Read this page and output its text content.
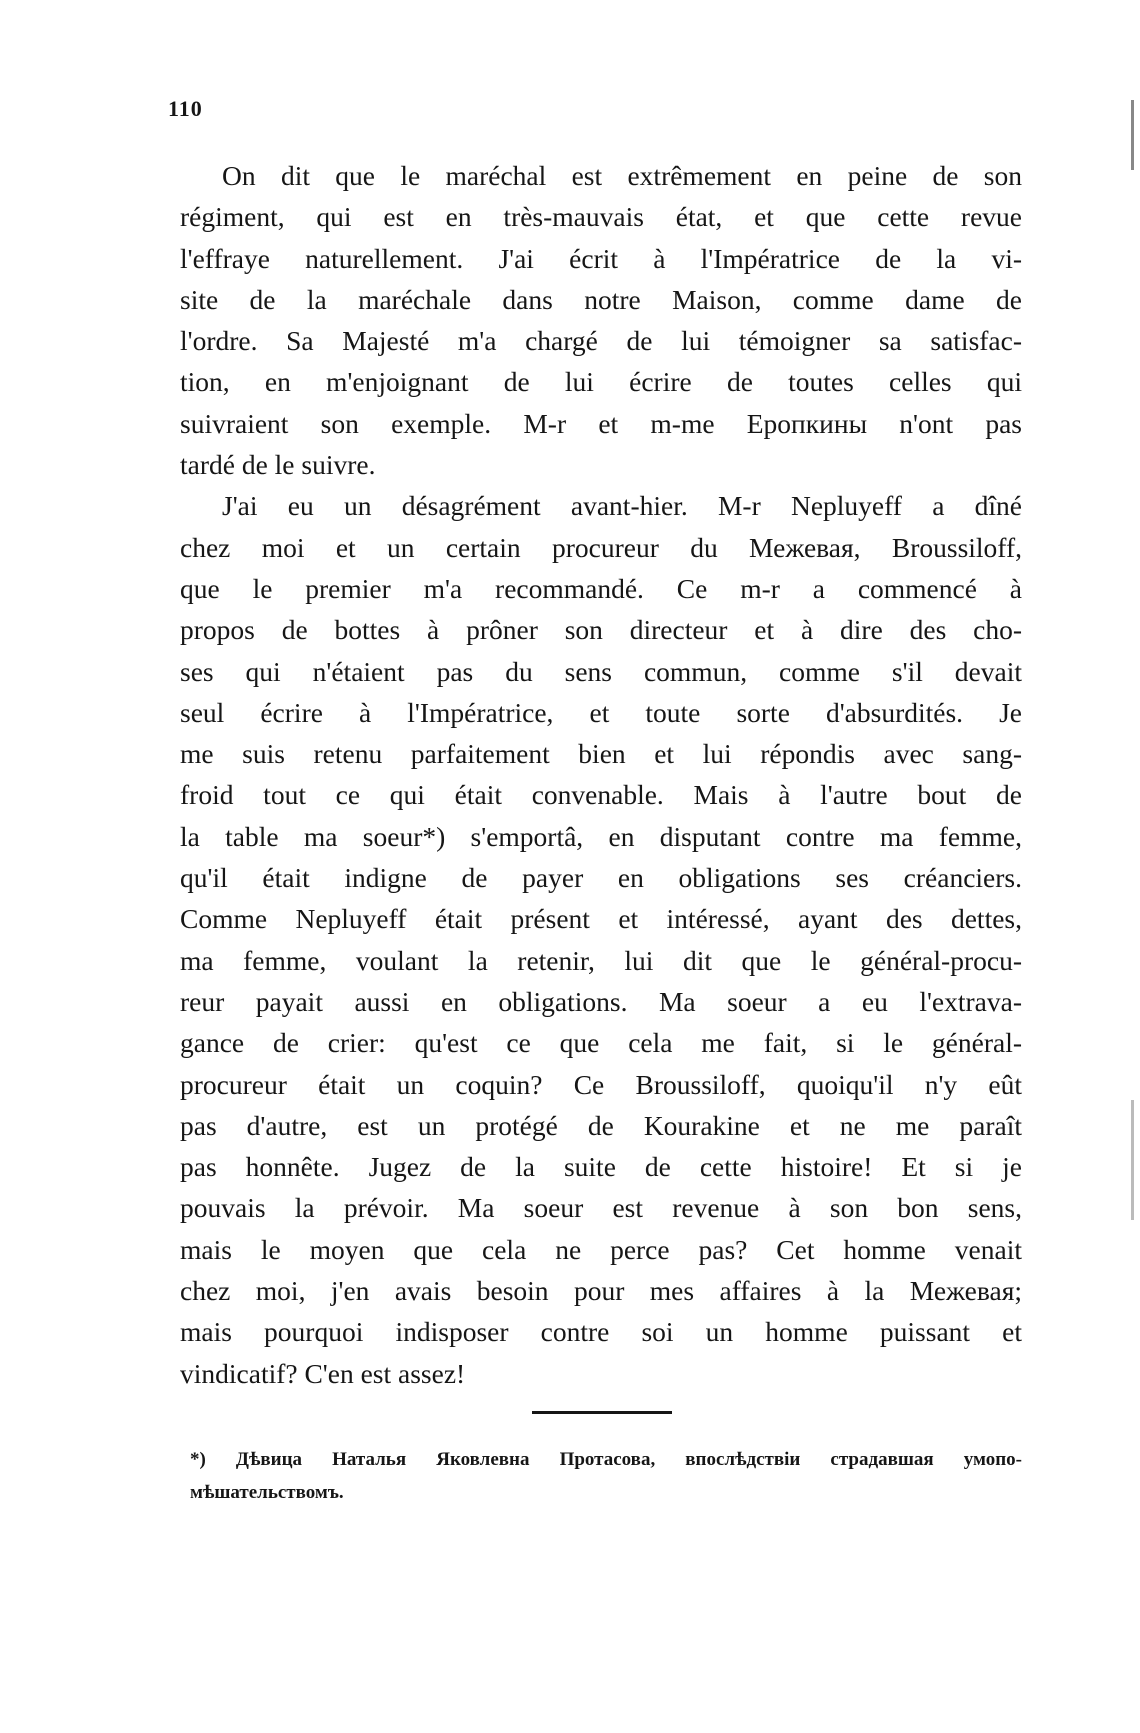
110
On dit que le maréchal est extrêmement en peine de son
régiment, qui est en très-mauvais état, et que cette revue
l'effraye naturellement. J'ai écrit à l'Impératrice de la vi-
site de la maréchale dans notre Maison, comme dame de
l'ordre. Sa Majesté m'a chargé de lui témoigner sa satisfac-
tion, en m'enjoignant de lui écrire de toutes celles qui
suivraient son exemple. M-r et m-me Еропкины n'ont pas
tardé de le suivre.
J'ai eu un désagrément avant-hier. M-r Nepluyeff a dîné
chez moi et un certain procureur du Межевая, Broussiloff,
que le premier m'a recommandé. Ce m-r a commencé à
propos de bottes à prôner son directeur et à dire des cho-
ses qui n'étaient pas du sens commun, comme s'il devait
seul écrire à l'Impératrice, et toute sorte d'absurdités. Je
me suis retenu parfaitement bien et lui répondis avec sang-
froid tout ce qui était convenable. Mais à l'autre bout de
la table ma soeur*) s'emportâ, en disputant contre ma femme,
qu'il était indigne de payer en obligations ses créanciers.
Comme Nepluyeff était présent et intéressé, ayant des dettes,
ma femme, voulant la retenir, lui dit que le général-procu-
reur payait aussi en obligations. Ma soeur a eu l'extrava-
gance de crier: qu'est ce que cela me fait, si le général-
procureur était un coquin? Ce Broussiloff, quoiqu'il n'y eût
pas d'autre, est un protégé de Kourakine et ne me paraît
pas honnête. Jugez de la suite de cette histoire! Et si je
pouvais la prévoir. Ma soeur est revenue à son bon sens,
mais le moyen que cela ne perce pas? Cet homme venait
chez moi, j'en avais besoin pour mes affaires à la Межевая;
mais pourquoi indisposer contre soi un homme puissant et
vindicatif? C'en est assez!
*) Дѣвица Наталья Яковлевна Протасова, впослѣдствіи страдавшая умопо-
мѣшательствомъ.
